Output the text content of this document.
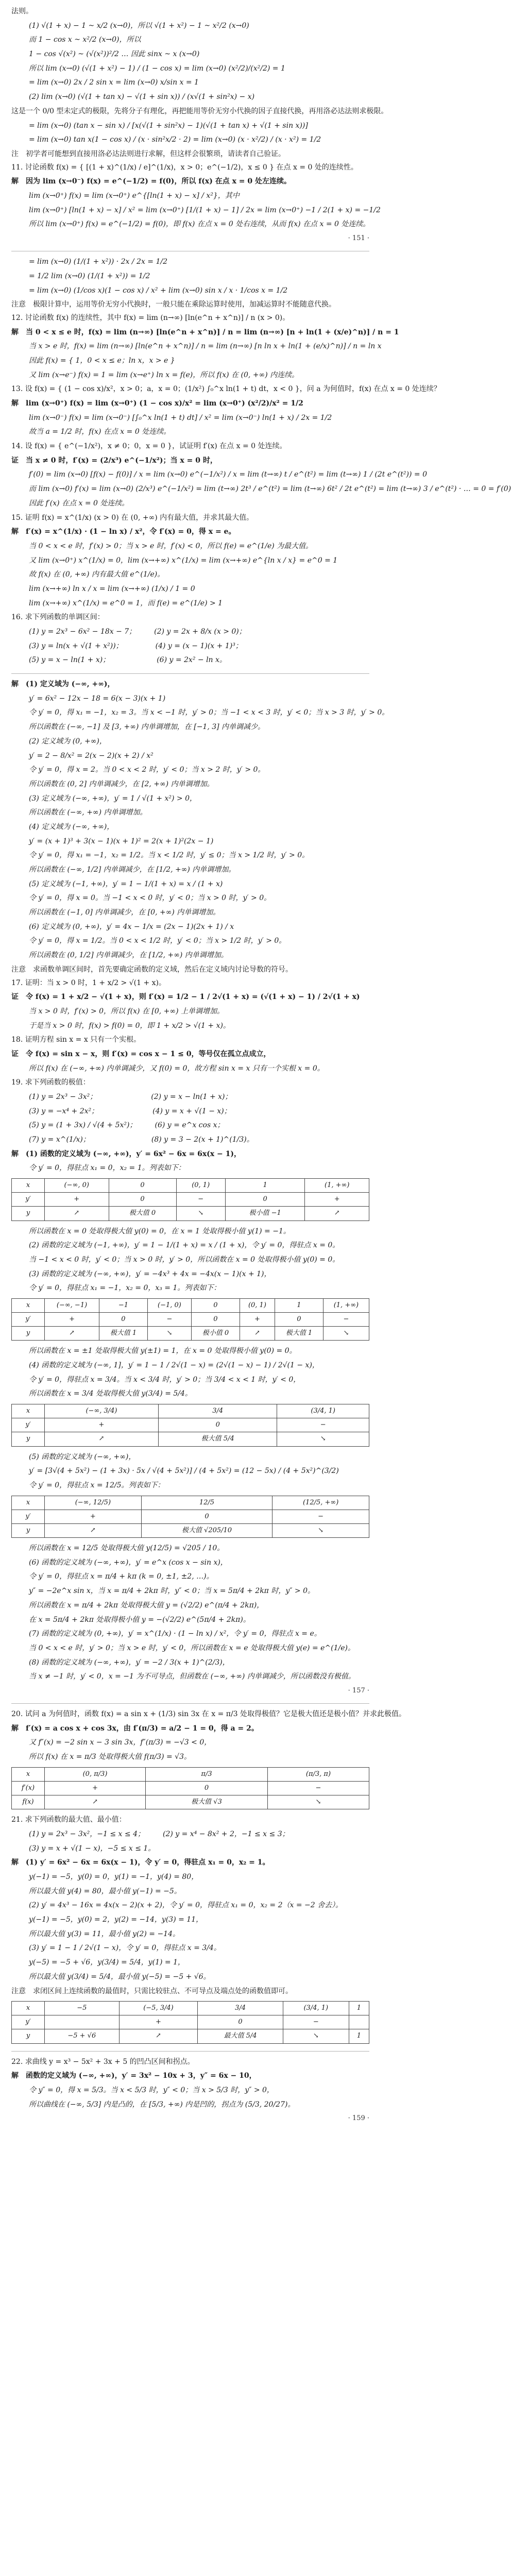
法则。
(1) √(1 + x) − 1 ~ x/2 (x→0)，所以 √(1 + x²) − 1 ~ x²/2 (x→0)
而 1 − cos x ~ x²/2 (x→0)，所以
1 − cos √(x²) ~ (√(x²))²/2 … 因此 sinx ~ x (x→0)
所以 lim (x→0) (√(1 + x²) − 1) / (1 − cos x) = lim (x→0) (x²/2)/(x²/2) = 1
= lim (x→0) 2x / 2 sin x = lim (x→0) x/sin x = 1
(2) lim (x→0) (√(1 + tan x) − √(1 + sin x)) / (x√(1 + sin²x) − x)
这是一个 0/0 型未定式的极限，先将分子有理化，再把能用等价无穷小代换的因子直接代换，再用洛必达法则求极限。
= lim (x→0) (tan x − sin x) / [x(√(1 + sin²x) − 1)(√(1 + tan x) + √(1 + sin x))]
= lim (x→0) tan x(1 − cos x) / (x · sin²x/2 · 2) = lim (x→0) (x · x²/2) / (x · x²) = 1/2
注　初学者可能想到直接用洛必达法则进行求解，但这样会很繁琐，请读者自己验证。
11. 讨论函数 f(x) = { [(1 + x)^(1/x) / e]^(1/x)，x > 0；e^(−1/2)，x ≤ 0 } 在点 x = 0 处的连续性。
解　因为 lim (x→0⁻) f(x) = e^(−1/2) = f(0)，所以 f(x) 在点 x = 0 处左连续。
lim (x→0⁺) f(x) = lim (x→0⁺) e^{[ln(1 + x) − x] / x²}，其中
lim (x→0⁺) [ln(1 + x) − x] / x² = lim (x→0⁺) [1/(1 + x) − 1] / 2x = lim (x→0⁺) −1 / 2(1 + x) = −1/2
所以 lim (x→0⁺) f(x) = e^(−1/2) = f(0)，即 f(x) 在点 x = 0 处右连续，从而 f(x) 在点 x = 0 处连续。
· 151 ·
= lim (x→0) (1/(1 + x²)) · 2x / 2x = 1/2
= 1/2 lim (x→0) (1/(1 + x²)) = 1/2
= lim (x→0) (1/cos x)(1 − cos x) / x² + lim (x→0) sin x / x · 1/cos x = 1/2
注意　极限计算中，运用等价无穷小代换时，一般只能在乘除运算时使用，加减运算时不能随意代换。
12. 讨论函数 f(x) 的连续性，其中 f(x) = lim (n→∞) [ln(e^n + x^n)] / n (x > 0)。
解　当 0 < x ≤ e 时，f(x) = lim (n→∞) [ln(e^n + x^n)] / n = lim (n→∞) [n + ln(1 + (x/e)^n)] / n = 1
当 x > e 时，f(x) = lim (n→∞) [ln(e^n + x^n)] / n = lim (n→∞) [n ln x + ln(1 + (e/x)^n)] / n = ln x
因此 f(x) = { 1，0 < x ≤ e；ln x，x > e }
又 lim (x→e⁻) f(x) = 1 = lim (x→e⁺) ln x = f(e)，所以 f(x) 在 (0, +∞) 内连续。
13. 设 f(x) = { (1 − cos x)/x²，x > 0；a，x = 0；(1/x²) ∫₀^x ln(1 + t) dt，x < 0 }，问 a 为何值时，f(x) 在点 x = 0 处连续？
解　lim (x→0⁺) f(x) = lim (x→0⁺) (1 − cos x)/x² = lim (x→0⁺) (x²/2)/x² = 1/2
lim (x→0⁻) f(x) = lim (x→0⁻) [∫₀^x ln(1 + t) dt] / x² = lim (x→0⁻) ln(1 + x) / 2x = 1/2
故当 a = 1/2 时，f(x) 在点 x = 0 处连续。
14. 设 f(x) = { e^(−1/x²)，x ≠ 0；0，x = 0 }，试证明 f′(x) 在点 x = 0 处连续。
证　当 x ≠ 0 时，f′(x) = (2/x³) e^(−1/x²)；当 x = 0 时，
f′(0) = lim (x→0) [f(x) − f(0)] / x = lim (x→0) e^(−1/x²) / x = lim (t→∞) t / e^(t²) = lim (t→∞) 1 / (2t e^(t²)) = 0
而 lim (x→0) f′(x) = lim (x→0) (2/x³) e^(−1/x²) = lim (t→∞) 2t³ / e^(t²) = lim (t→∞) 6t² / 2t e^(t²) = lim (t→∞) 3 / e^(t²) · … = 0 = f′(0)
因此 f′(x) 在点 x = 0 处连续。
15. 证明 f(x) = x^(1/x) (x > 0) 在 (0, +∞) 内有最大值，并求其最大值。
解　f′(x) = x^(1/x) · (1 − ln x) / x²，令 f′(x) = 0，得 x = e。
当 0 < x < e 时，f′(x) > 0；当 x > e 时，f′(x) < 0，所以 f(e) = e^(1/e) 为最大值。
又 lim (x→0⁺) x^(1/x) = 0，lim (x→+∞) x^(1/x) = lim (x→+∞) e^{ln x / x} = e^0 = 1
故 f(x) 在 (0, +∞) 内有最大值 e^(1/e)。
lim (x→+∞) ln x / x = lim (x→+∞) (1/x) / 1 = 0
lim (x→+∞) x^(1/x) = e^0 = 1，而 f(e) = e^(1/e) > 1
16. 求下列函数的单调区间：
(1) y = 2x³ − 6x² − 18x − 7；　　　(2) y = 2x + 8/x (x > 0)；
(3) y = ln(x + √(1 + x²))；　　　　　(4) y = (x − 1)(x + 1)³；
(5) y = x − ln(1 + x)；　　　　　　　(6) y = 2x² − ln x。
解　(1) 定义域为 (−∞, +∞)，
y′ = 6x² − 12x − 18 = 6(x − 3)(x + 1)
令 y′ = 0，得 x₁ = −1，x₂ = 3。当 x < −1 时，y′ > 0；当 −1 < x < 3 时，y′ < 0；当 x > 3 时，y′ > 0。
所以函数在 (−∞, −1] 及 [3, +∞) 内单调增加，在 [−1, 3] 内单调减少。
(2) 定义域为 (0, +∞)，
y′ = 2 − 8/x² = 2(x − 2)(x + 2) / x²
令 y′ = 0，得 x = 2。当 0 < x < 2 时，y′ < 0；当 x > 2 时，y′ > 0。
所以函数在 (0, 2] 内单调减少，在 [2, +∞) 内单调增加。
(3) 定义域为 (−∞, +∞)，y′ = 1 / √(1 + x²) > 0，
所以函数在 (−∞, +∞) 内单调增加。
(4) 定义域为 (−∞, +∞)，
y′ = (x + 1)³ + 3(x − 1)(x + 1)² = 2(x + 1)²(2x − 1)
令 y′ = 0，得 x₁ = −1，x₂ = 1/2。当 x < 1/2 时，y′ ≤ 0；当 x > 1/2 时，y′ > 0。
所以函数在 (−∞, 1/2] 内单调减少，在 [1/2, +∞) 内单调增加。
(5) 定义域为 (−1, +∞)，y′ = 1 − 1/(1 + x) = x / (1 + x)
令 y′ = 0，得 x = 0。当 −1 < x < 0 时，y′ < 0；当 x > 0 时，y′ > 0。
所以函数在 (−1, 0] 内单调减少，在 [0, +∞) 内单调增加。
(6) 定义域为 (0, +∞)，y′ = 4x − 1/x = (2x − 1)(2x + 1) / x
令 y′ = 0，得 x = 1/2。当 0 < x < 1/2 时，y′ < 0；当 x > 1/2 时，y′ > 0。
所以函数在 (0, 1/2] 内单调减少，在 [1/2, +∞) 内单调增加。
注意　求函数单调区间时，首先要确定函数的定义域，然后在定义域内讨论导数的符号。
17. 证明：当 x > 0 时，1 + x/2 > √(1 + x)。
证　令 f(x) = 1 + x/2 − √(1 + x)，则 f′(x) = 1/2 − 1 / 2√(1 + x) = (√(1 + x) − 1) / 2√(1 + x)
当 x > 0 时，f′(x) > 0，所以 f(x) 在 [0, +∞) 上单调增加。
于是当 x > 0 时，f(x) > f(0) = 0，即 1 + x/2 > √(1 + x)。
18. 证明方程 sin x = x 只有一个实根。
证　令 f(x) = sin x − x，则 f′(x) = cos x − 1 ≤ 0，等号仅在孤立点成立，
所以 f(x) 在 (−∞, +∞) 内单调减少，又 f(0) = 0，故方程 sin x = x 只有一个实根 x = 0。
19. 求下列函数的极值：
(1) y = 2x³ − 3x²；　　　　　　　　(2) y = x − ln(1 + x)；
(3) y = −x⁴ + 2x²；　　　　　　　　(4) y = x + √(1 − x)；
(5) y = (1 + 3x) / √(4 + 5x²)；　　　(6) y = e^x cos x；
(7) y = x^(1/x)；　　　　　　　　　(8) y = 3 − 2(x + 1)^(1/3)。
解　(1) 函数的定义域为 (−∞, +∞)，y′ = 6x² − 6x = 6x(x − 1)，
令 y′ = 0，得驻点 x₁ = 0，x₂ = 1。列表如下：
x	(−∞, 0)	0	(0, 1)	1	(1, +∞)
y′	+	0	−	0	+
y	↗	极大值 0	↘	极小值 −1	↗
所以函数在 x = 0 处取得极大值 y(0) = 0，在 x = 1 处取得极小值 y(1) = −1。
(2) 函数的定义域为 (−1, +∞)，y′ = 1 − 1/(1 + x) = x / (1 + x)，令 y′ = 0，得驻点 x = 0。
当 −1 < x < 0 时，y′ < 0；当 x > 0 时，y′ > 0，所以函数在 x = 0 处取得极小值 y(0) = 0。
(3) 函数的定义域为 (−∞, +∞)，y′ = −4x³ + 4x = −4x(x − 1)(x + 1)，
令 y′ = 0，得驻点 x₁ = −1，x₂ = 0，x₃ = 1。列表如下：
x	(−∞, −1)	−1	(−1, 0)	0	(0, 1)	1	(1, +∞)
y′	+	0	−	0	+	0	−
y	↗	极大值 1	↘	极小值 0	↗	极大值 1	↘
所以函数在 x = ±1 处取得极大值 y(±1) = 1，在 x = 0 处取得极小值 y(0) = 0。
(4) 函数的定义域为 (−∞, 1]，y′ = 1 − 1 / 2√(1 − x) = (2√(1 − x) − 1) / 2√(1 − x)，
令 y′ = 0，得驻点 x = 3/4。当 x < 3/4 时，y′ > 0；当 3/4 < x < 1 时，y′ < 0，
所以函数在 x = 3/4 处取得极大值 y(3/4) = 5/4。
x	(−∞, 3/4)	3/4	(3/4, 1)
y′	+	0	−
y	↗	极大值 5/4	↘
(5) 函数的定义域为 (−∞, +∞)，
y′ = [3√(4 + 5x²) − (1 + 3x) · 5x / √(4 + 5x²)] / (4 + 5x²) = (12 − 5x) / (4 + 5x²)^(3/2)
令 y′ = 0，得驻点 x = 12/5。列表如下：
x	(−∞, 12/5)	12/5	(12/5, +∞)
y′	+	0	−
y	↗	极大值 √205/10	↘
所以函数在 x = 12/5 处取得极大值 y(12/5) = √205 / 10。
(6) 函数的定义域为 (−∞, +∞)，y′ = e^x (cos x − sin x)，
令 y′ = 0，得驻点 x = π/4 + kπ (k = 0, ±1, ±2, …)。
y″ = −2e^x sin x，当 x = π/4 + 2kπ 时，y″ < 0；当 x = 5π/4 + 2kπ 时，y″ > 0。
所以函数在 x = π/4 + 2kπ 处取得极大值 y = (√2/2) e^(π/4 + 2kπ)，
在 x = 5π/4 + 2kπ 处取得极小值 y = −(√2/2) e^(5π/4 + 2kπ)。
(7) 函数的定义域为 (0, +∞)，y′ = x^(1/x) · (1 − ln x) / x²，令 y′ = 0，得驻点 x = e。
当 0 < x < e 时，y′ > 0；当 x > e 时，y′ < 0，所以函数在 x = e 处取得极大值 y(e) = e^(1/e)。
(8) 函数的定义域为 (−∞, +∞)，y′ = −2 / 3(x + 1)^(2/3)，
当 x ≠ −1 时，y′ < 0，x = −1 为不可导点，但函数在 (−∞, +∞) 内单调减少，所以函数没有极值。
· 157 ·
20. 试问 a 为何值时，函数 f(x) = a sin x + (1/3) sin 3x 在 x = π/3 处取得极值？它是极大值还是极小值？并求此极值。
解　f′(x) = a cos x + cos 3x，由 f′(π/3) = a/2 − 1 = 0，得 a = 2。
又 f″(x) = −2 sin x − 3 sin 3x，f″(π/3) = −√3 < 0，
所以 f(x) 在 x = π/3 处取得极大值 f(π/3) = √3。
x	(0, π/3)	π/3	(π/3, π)
f′(x)	+	0	−
f(x)	↗	极大值 √3	↘
21. 求下列函数的最大值、最小值：
(1) y = 2x³ − 3x²，−1 ≤ x ≤ 4；　　　(2) y = x⁴ − 8x² + 2，−1 ≤ x ≤ 3；
(3) y = x + √(1 − x)，−5 ≤ x ≤ 1。
解　(1) y′ = 6x² − 6x = 6x(x − 1)，令 y′ = 0，得驻点 x₁ = 0，x₂ = 1。
y(−1) = −5，y(0) = 0，y(1) = −1，y(4) = 80，
所以最大值 y(4) = 80，最小值 y(−1) = −5。
(2) y′ = 4x³ − 16x = 4x(x − 2)(x + 2)，令 y′ = 0，得驻点 x₁ = 0，x₂ = 2（x = −2 舍去）。
y(−1) = −5，y(0) = 2，y(2) = −14，y(3) = 11，
所以最大值 y(3) = 11，最小值 y(2) = −14。
(3) y′ = 1 − 1 / 2√(1 − x)，令 y′ = 0，得驻点 x = 3/4。
y(−5) = −5 + √6，y(3/4) = 5/4，y(1) = 1，
所以最大值 y(3/4) = 5/4，最小值 y(−5) = −5 + √6。
注意　求闭区间上连续函数的最值时，只需比较驻点、不可导点及端点处的函数值即可。
x	−5	(−5, 3/4)	3/4	(3/4, 1)	1
y′		+	0	−	
y	−5 + √6	↗	最大值 5/4	↘	1
22. 求曲线 y = x³ − 5x² + 3x + 5 的凹凸区间和拐点。
解　函数的定义域为 (−∞, +∞)，y′ = 3x² − 10x + 3，y″ = 6x − 10，
令 y″ = 0，得 x = 5/3。当 x < 5/3 时，y″ < 0；当 x > 5/3 时，y″ > 0，
所以曲线在 (−∞, 5/3] 内是凸的，在 [5/3, +∞) 内是凹的，拐点为 (5/3, 20/27)。
· 159 ·
